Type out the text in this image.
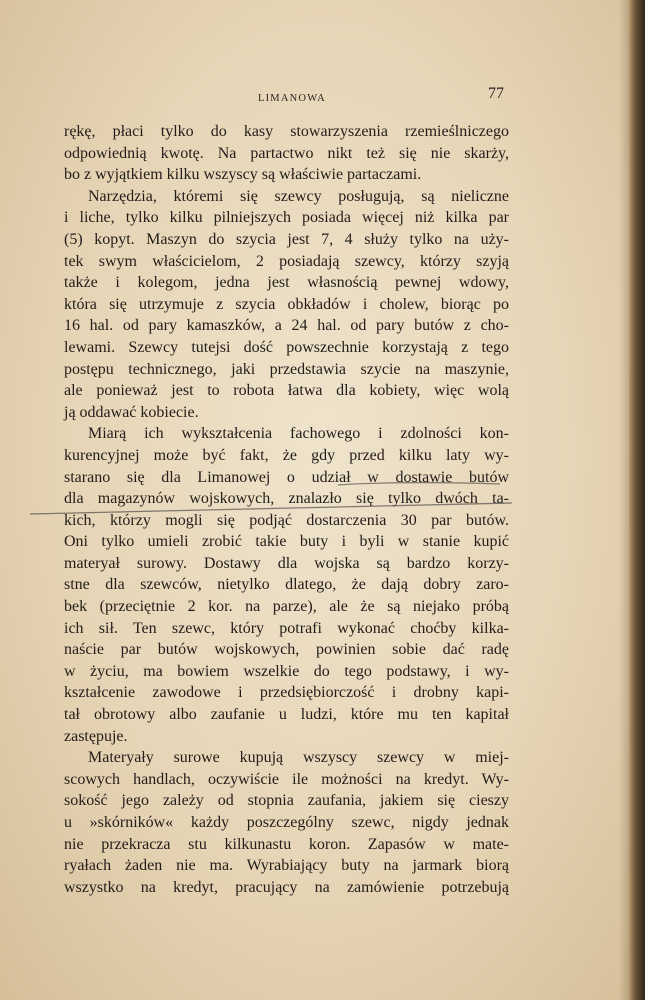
LIMANOWA	77
rękę, płaci tylko do kasy stowarzyszenia rzemieślniczego
odpowiednią kwotę. Na partactwo nikt też się nie skarży,
bo z wyjątkiem kilku wszyscy są właściwie partaczami.
Narzędzia, któremi się szewcy posługują, są nieliczne
i liche, tylko kilku pilniejszych posiada więcej niż kilka par
(5) kopyt. Maszyn do szycia jest 7, 4 służy tylko na uży-
tek swym właścicielom, 2 posiadają szewcy, którzy szyją
także i kolegom, jedna jest własnością pewnej wdowy,
która się utrzymuje z szycia obkładów i cholew, biorąc po
16 hal. od pary kamaszków, a 24 hal. od pary butów z cho-
lewami. Szewcy tutejsi dość powszechnie korzystają z tego
postępu technicznego, jaki przedstawia szycie na maszynie,
ale ponieważ jest to robota łatwa dla kobiety, więc wolą
ją oddawać kobiecie.
Miarą ich wykształcenia fachowego i zdolności kon-
kurencyjnej może być fakt, że gdy przed kilku laty wy-
starano się dla Limanowej o udział w dostawie butów
dla magazynów wojskowych, znalazło się tylko dwóch ta-
kich, którzy mogli się podjąć dostarczenia 30 par butów.
Oni tylko umieli zrobić takie buty i byli w stanie kupić
materyał surowy. Dostawy dla wojska są bardzo korzy-
stne dla szewców, nietylko dlatego, że dają dobry zaro-
bek (przeciętnie 2 kor. na parze), ale że są niejako próbą
ich sił. Ten szewc, który potrafi wykonać choćby kilka-
naście par butów wojskowych, powinien sobie dać radę
w życiu, ma bowiem wszelkie do tego podstawy, i wy-
kształcenie zawodowe i przedsiębiorczość i drobny kapi-
tał obrotowy albo zaufanie u ludzi, które mu ten kapitał
zastępuje.
Materyały surowe kupują wszyscy szewcy w miej-
scowych handlach, oczywiście ile możności na kredyt. Wy-
sokość jego zależy od stopnia zaufania, jakiem się cieszy
u »skórników« każdy poszczególny szewc, nigdy jednak
nie przekracza stu kilkunastu koron. Zapasów w mate-
ryałach żaden nie ma. Wyrabiający buty na jarmark biorą
wszystko na kredyt, pracujący na zamówienie potrzebują
